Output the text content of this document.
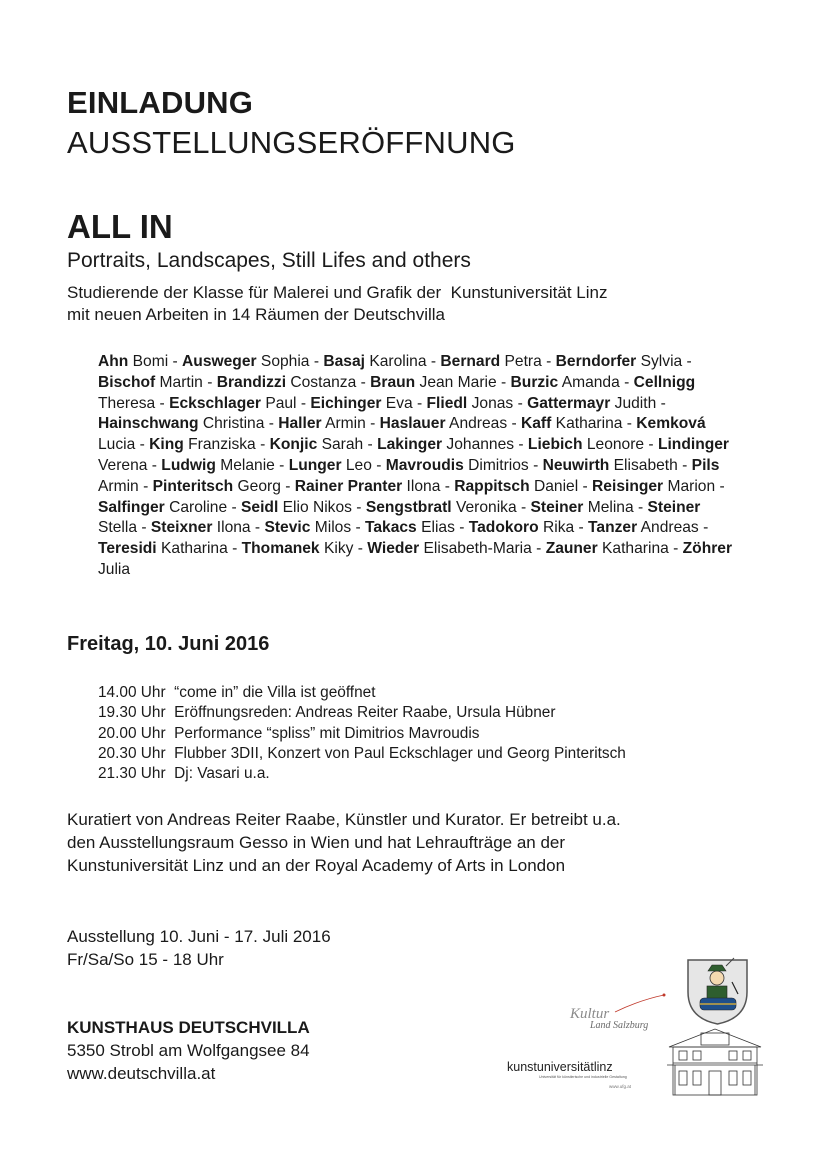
EINLADUNG
AUSSTELLUNGSERÖFFNUNG
ALL IN
Portraits, Landscapes, Still Lifes and others
Studierende der Klasse für Malerei und Grafik der  Kunstuniversität Linz
mit neuen Arbeiten in 14 Räumen der Deutschvilla
Ahn Bomi - Ausweger Sophia - Basaj Karolina - Bernard Petra - Berndorfer Sylvia - Bischof Martin - Brandizzi Costanza - Braun Jean Marie - Burzic Amanda - Cellnigg Theresa - Eckschlager Paul - Eichinger Eva - Fliedl Jonas - Gattermayr Judith - Hainschwang Christina - Haller Armin - Haslauer Andreas - Kaff Katharina - Kemková Lucia - King Franziska - Konjic Sarah - Lakinger Johannes - Liebich Leonore - Lindinger Verena - Ludwig Melanie - Lunger Leo - Mavroudis Dimitrios - Neuwirth Elisabeth - Pils Armin - Pinteritsch Georg - Rainer Pranter Ilona - Rappitsch Daniel - Reisinger Marion - Salfinger Caroline - Seidl Elio Nikos - Sengstbratl Veronika - Steiner Melina - Steiner Stella - Steixner Ilona - Stevic Milos - Takacs Elias - Tadokoro Rika - Tanzer Andreas - Teresidi Katharina - Thomanek Kiky - Wieder Elisabeth-Maria - Zauner Katharina - Zöhrer Julia
Freitag, 10. Juni 2016
14.00 Uhr “come in” die Villa ist geöffnet
19.30 Uhr Eröffnungsreden: Andreas Reiter Raabe, Ursula Hübner
20.00 Uhr Performance “spliss” mit Dimitrios Mavroudis
20.30 Uhr Flubber 3DII, Konzert von Paul Eckschlager und Georg Pinteritsch
21.30 Uhr Dj: Vasari u.a.
Kuratiert von Andreas Reiter Raabe, Künstler und Kurator. Er betreibt u.a.
den Ausstellungsraum Gesso in Wien und hat Lehraufträge an der
Kunstuniversität Linz und an der Royal Academy of Arts in London
Ausstellung 10. Juni - 17. Juli 2016
Fr/Sa/So 15 - 18 Uhr
KUNSTHAUS DEUTSCHVILLA
5350 Strobl am Wolfgangsee 84
www.deutschvilla.at
Kultur
Land Salzburg
kunstuniversitätlinz
Universität für künstlerische und industrielle Gestaltung
www.ufg.at
